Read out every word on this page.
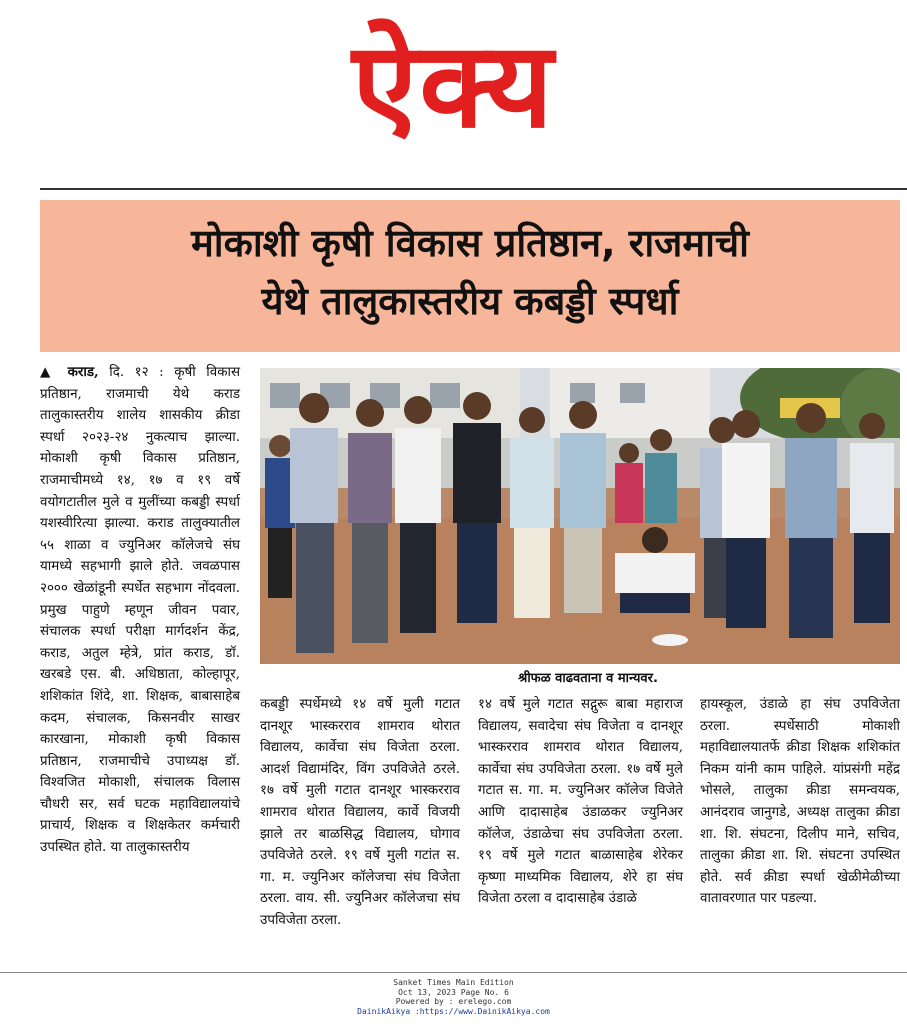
ऐक्य
मोकाशी कृषी विकास प्रतिष्ठान, राजमाची
येथे तालुकास्तरीय कबड्डी स्पर्धा
▲ कराड, दि. १२ : कृषी विकास प्रतिष्ठान, राजमाची येथे कराड तालुकास्तरीय शालेय शासकीय क्रीडा स्पर्धा २०२३-२४ नुकत्याच झाल्या. मोकाशी कृषी विकास प्रतिष्ठान, राजमाचीमध्ये १४, १७ व १९ वर्षे वयोगटातील मुले व मुलींच्या कबड्डी स्पर्धा यशस्वीरित्या झाल्या. कराड तालुक्यातील ५५ शाळा व ज्युनिअर कॉलेजचे संघ यामध्ये सहभागी झाले होते. जवळपास २००० खेळांडूनी स्पर्धेत सहभाग नोंदवला. प्रमुख पाहुणे म्हणून जीवन पवार, संचालक स्पर्धा परीक्षा मार्गदर्शन केंद्र, कराड, अतुल म्हेत्रे, प्रांत कराड, डॉ. खरबडे एस. बी. अधिष्ठाता, कोल्हापूर, शशिकांत शिंदे, शा. शिक्षक, बाबासाहेब कदम, संचालक, किसनवीर साखर कारखाना, मोकाशी कृषी विकास प्रतिष्ठान, राजमाचीचे उपाध्यक्ष डॉ. विश्वजित मोकाशी, संचालक विलास चौधरी सर, सर्व घटक महाविद्यालयांचे प्राचार्य, शिक्षक व शिक्षकेतर कर्मचारी उपस्थित होते. या तालुकास्तरीय
श्रीफळ वाढवताना व मान्यवर.
कबड्डी स्पर्धेमध्ये १४ वर्षे मुली गटात दानशूर भास्करराव शामराव थोरात विद्यालय, कार्वेचा संघ विजेता ठरला. आदर्श विद्यामंदिर, विंग उपविजेते ठरले. १७ वर्षे मुली गटात दानशूर भास्करराव शामराव थोरात विद्यालय, कार्वे विजयी झाले तर बाळसिद्ध विद्यालय, घोगाव उपविजेते ठरले. १९ वर्षे मुली गटांत स. गा. म. ज्युनिअर कॉलेजचा संघ विजेता ठरला. वाय. सी. ज्युनिअर कॉलेजचा संघ उपविजेता ठरला.
१४ वर्षे मुले गटात सद्गुरू बाबा महाराज विद्यालय, सवादेचा संघ विजेता व दानशूर भास्करराव शामराव थोरात विद्यालय, कार्वेचा संघ उपविजेता ठरला. १७ वर्षे मुले गटात स. गा. म. ज्युनिअर कॉलेज विजेते आणि दादासाहेब उंडाळकर ज्युनिअर कॉलेज, उंडाळेचा संघ उपविजेता ठरला. १९ वर्षे मुले गटात बाळासाहेब शेरेकर कृष्णा माध्यमिक विद्यालय, शेरे हा संघ विजेता ठरला व दादासाहेब उंडाळे
हायस्कूल, उंडाळे हा संघ उपविजेता ठरला. स्पर्धेसाठी मोकाशी महाविद्यालयातर्फे क्रीडा शिक्षक शशिकांत निकम यांनी काम पाहिले. यांप्रसंगी महेंद्र भोसले, तालुका क्रीडा समन्वयक, आनंदराव जानुगडे, अध्यक्ष तालुका क्रीडा शा. शि. संघटना, दिलीप माने, सचिव, तालुका क्रीडा शा. शि. संघटना उपस्थित होते. सर्व क्रीडा स्पर्धा खेळीमेळीच्या वातावरणात पार पडल्या.
Sanket Times Main Edition
Oct 13, 2023 Page No. 6
Powered by : erelego.com
DainikAikya :https://www.DainikAikya.com
